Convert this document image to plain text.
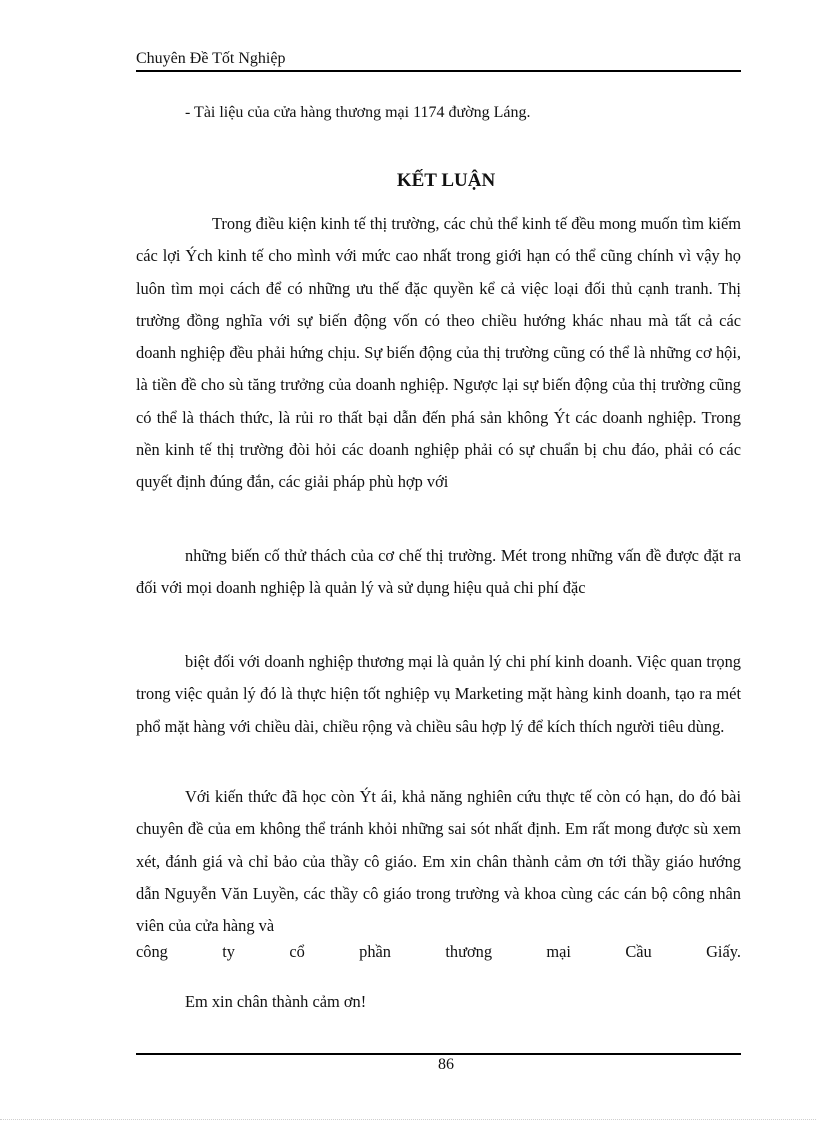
Chuyên Đề Tốt Nghiệp
- Tài liệu của cửa hàng thương mại 1174 đường Láng.
KẾT LUẬN

Trong điều kiện kinh tế thị trường, các chủ thể kinh tế đều mong muốn tìm kiếm các lợi Ých kinh tế cho mình với mức cao nhất trong giới hạn có thể cũng chính vì vậy họ luôn tìm mọi cách để có những ưu thế đặc quyền kể cả việc loại đối thủ cạnh tranh. Thị trường đồng nghĩa với sự biến động vốn có theo chiều hướng khác nhau mà tất cả các doanh nghiệp đều phải hứng chịu. Sự biến động của thị trường cũng có thể là những cơ hội, là tiền đề cho sù tăng trưởng của doanh nghiệp. Ngược lại sự biến động của thị trường cũng có thể là thách thức, là rủi ro thất bại dẫn đến phá sản không Ýt các doanh nghiệp. Trong nền kinh tế thị trường đòi hỏi các doanh nghiệp phải có sự chuẩn bị chu đáo, phải có các quyết định đúng đắn, các giải pháp phù hợp với

những biến cố thử thách của cơ chế thị trường. Mét trong những vấn đề được đặt ra đối với mọi doanh nghiệp là quản lý và sử dụng hiệu quả chi phí đặc

biệt đối với doanh nghiệp thương mại là quản lý chi phí kinh doanh. Việc quan trọng trong việc quản lý đó là thực hiện tốt nghiệp vụ Marketing mặt hàng kinh doanh, tạo ra mét phổ mặt hàng với chiều dài, chiều rộng và chiều sâu hợp lý để kích thích người tiêu dùng.

Với kiến thức đã học còn Ýt ái, khả năng nghiên cứu thực tế còn có hạn, do đó bài chuyên đề của em không thể tránh khỏi những sai sót nhất định. Em rất mong được sù xem xét, đánh giá và chỉ bảo của thầy cô giáo. Em xin chân thành cảm ơn tới thầy giáo hướng dẫn Nguyễn Văn Luyền, các thầy cô giáo trong trường và khoa cùng các cán bộ công nhân viên của cửa hàng và

công	ty	cổ	phần	thương	mại	Cầu	Giấy.

Em xin chân thành cảm ơn!

86
